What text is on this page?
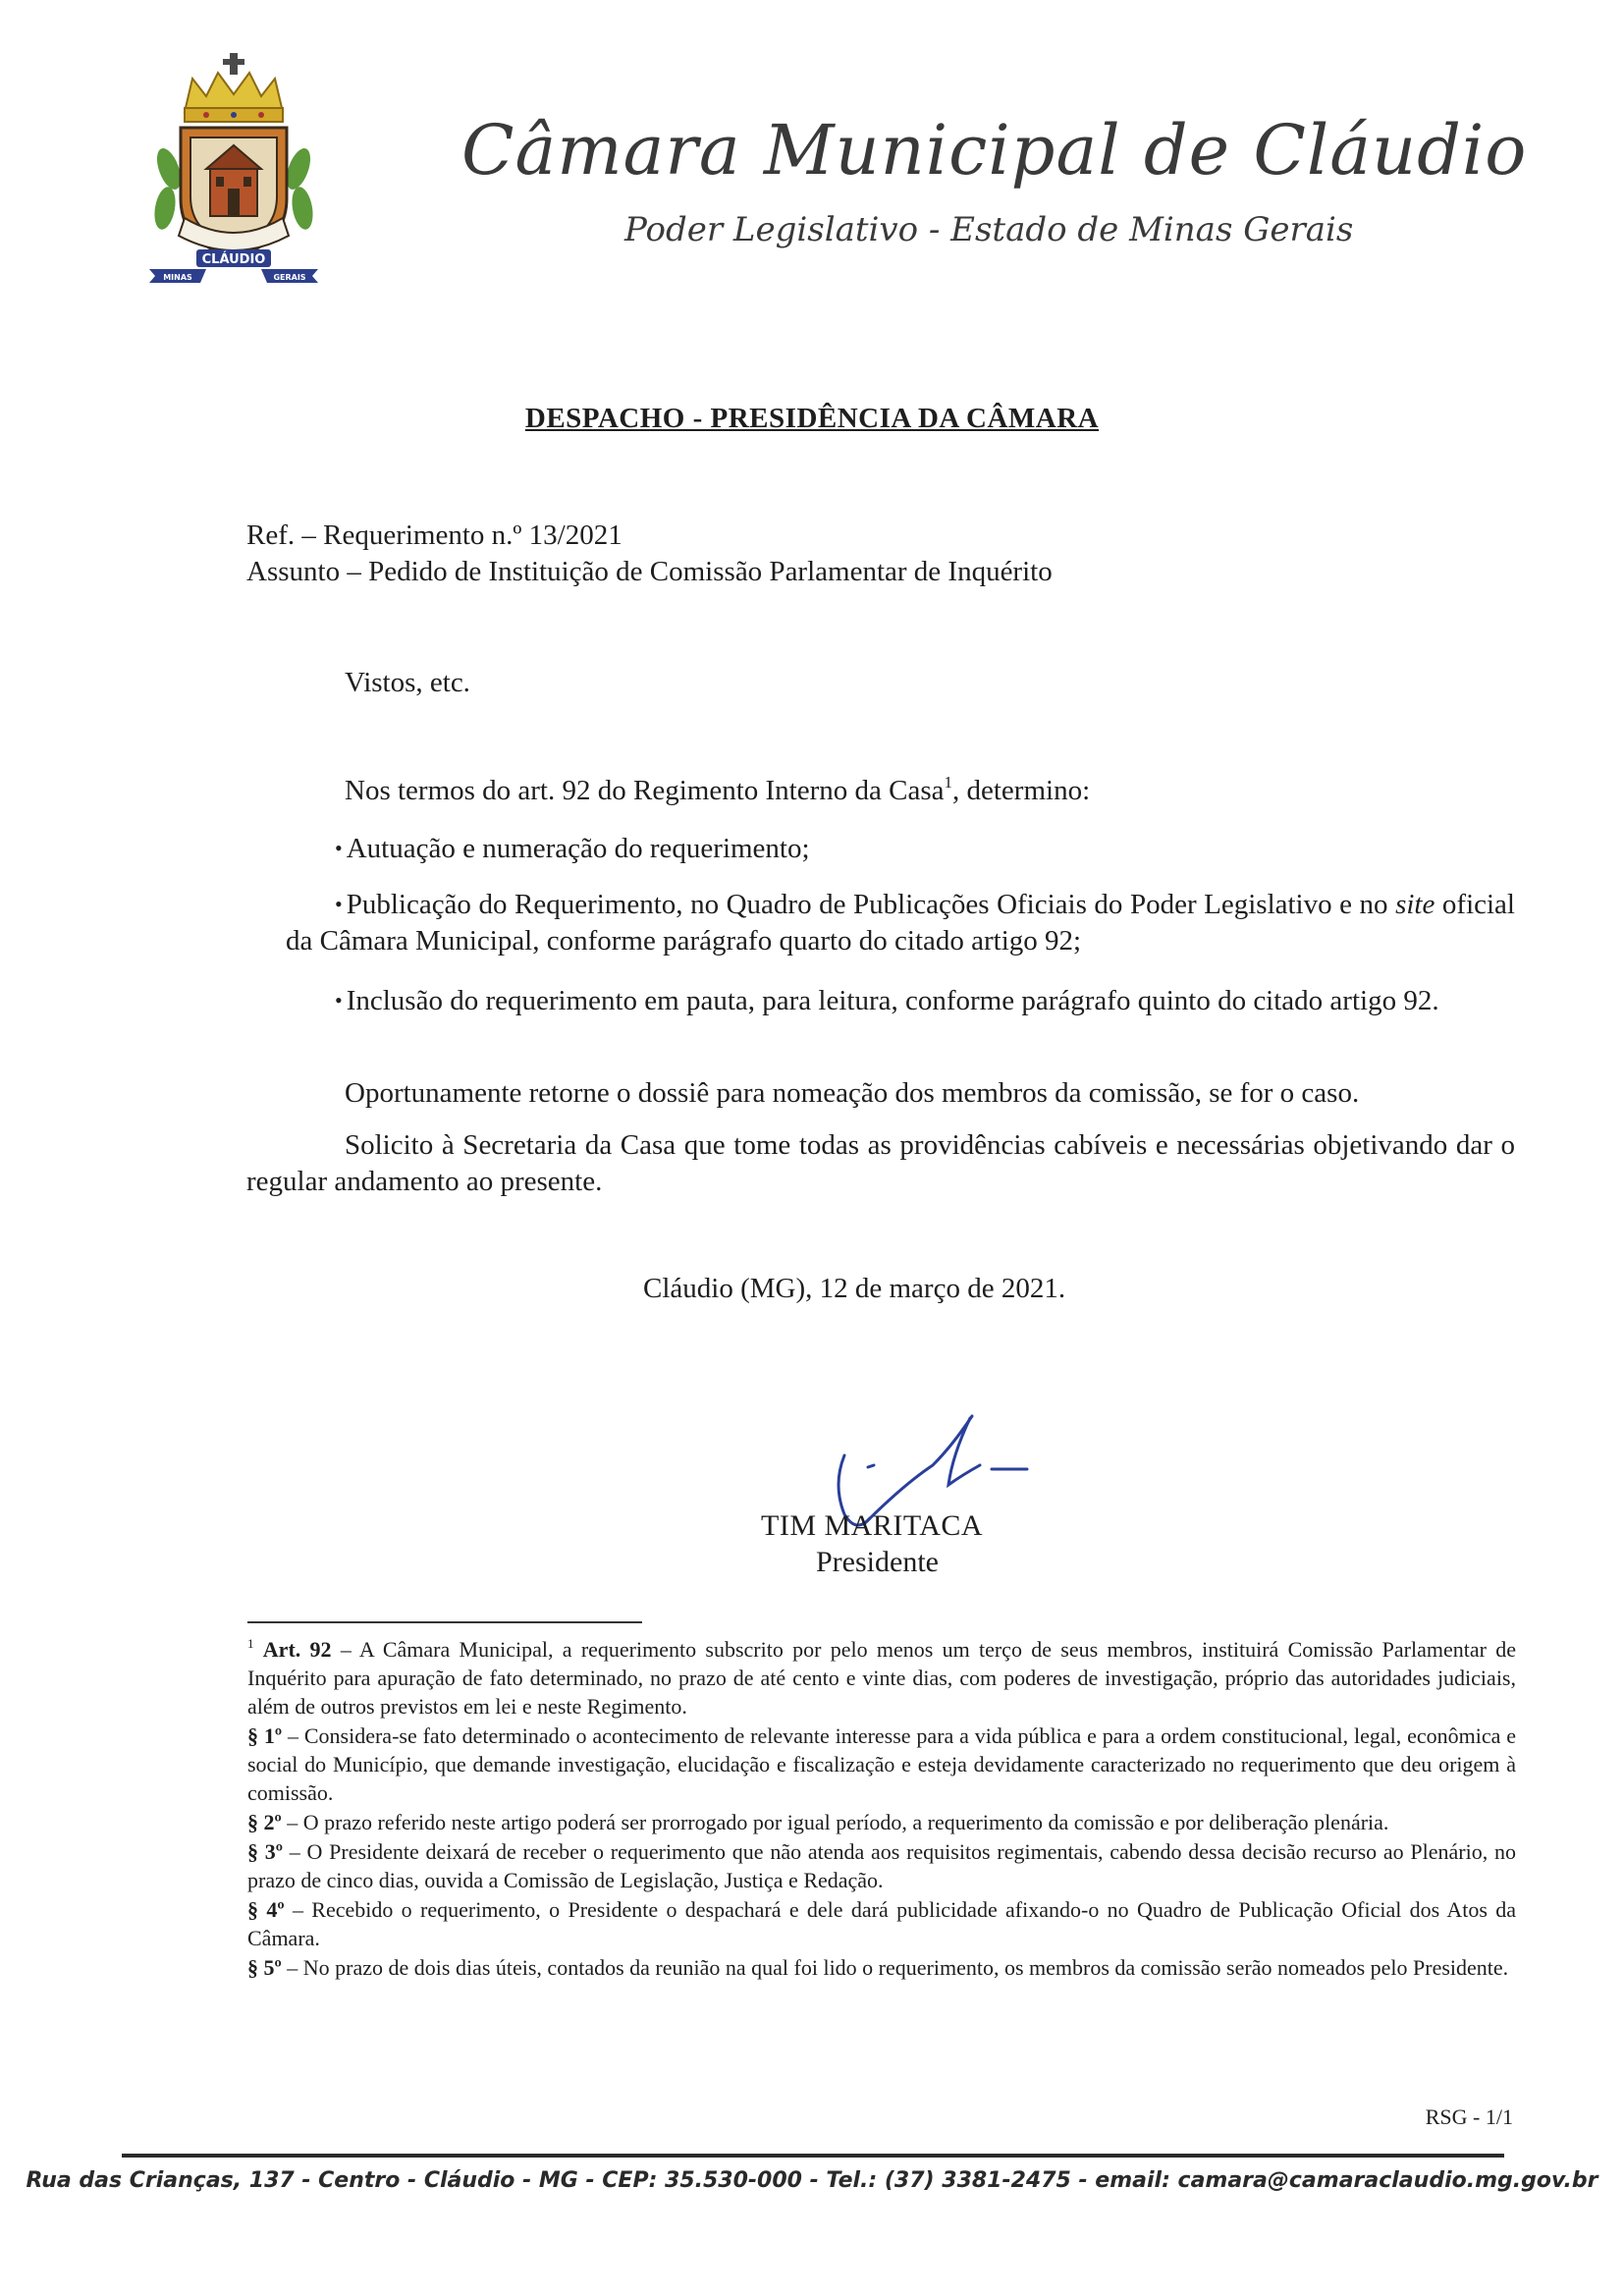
CLÁUDIO
MINAS	GERAIS
Câmara Municipal de Cláudio
Poder Legislativo - Estado de Minas Gerais
DESPACHO - PRESIDÊNCIA DA CÂMARA
Ref. – Requerimento n.º 13/2021
Assunto – Pedido de Instituição de Comissão Parlamentar de Inquérito
Vistos, etc.
Nos termos do art. 92 do Regimento Interno da Casa$^1$, determino:
• Autuação e numeração do requerimento;
• Publicação do Requerimento, no Quadro de Publicações Oficiais do Poder Legislativo e no site oficial da Câmara Municipal, conforme parágrafo quarto do citado artigo 92;
• Inclusão do requerimento em pauta, para leitura, conforme parágrafo quinto do citado artigo 92.
Oportunamente retorne o dossiê para nomeação dos membros da comissão, se for o caso.
Solicito à Secretaria da Casa que tome todas as providências cabíveis e necessárias objetivando dar o regular andamento ao presente.
Cláudio (MG), 12 de março de 2021.
TIM MARITACA
Presidente

$^1$ Art. 92 – A Câmara Municipal, a requerimento subscrito por pelo menos um terço de seus membros, instituirá Comissão Parlamentar de Inquérito para apuração de fato determinado, no prazo de até cento e vinte dias, com poderes de investigação, próprio das autoridades judiciais, além de outros previstos em lei e neste Regimento.

§ 1º – Considera-se fato determinado o acontecimento de relevante interesse para a vida pública e para a ordem constitucional, legal, econômica e social do Município, que demande investigação, elucidação e fiscalização e esteja devidamente caracterizado no requerimento que deu origem à comissão.

§ 2º – O prazo referido neste artigo poderá ser prorrogado por igual período, a requerimento da comissão e por deliberação plenária.

§ 3º – O Presidente deixará de receber o requerimento que não atenda aos requisitos regimentais, cabendo dessa decisão recurso ao Plenário, no prazo de cinco dias, ouvida a Comissão de Legislação, Justiça e Redação.

§ 4º – Recebido o requerimento, o Presidente o despachará e dele dará publicidade afixando-o no Quadro de Publicação Oficial dos Atos da Câmara.

§ 5º – No prazo de dois dias úteis, contados da reunião na qual foi lido o requerimento, os membros da comissão serão nomeados pelo Presidente.

RSG - 1/1
Rua das Crianças, 137 - Centro - Cláudio - MG - CEP: 35.530-000 - Tel.: (37) 3381-2475 - email: camara@camaraclaudio.mg.gov.br
